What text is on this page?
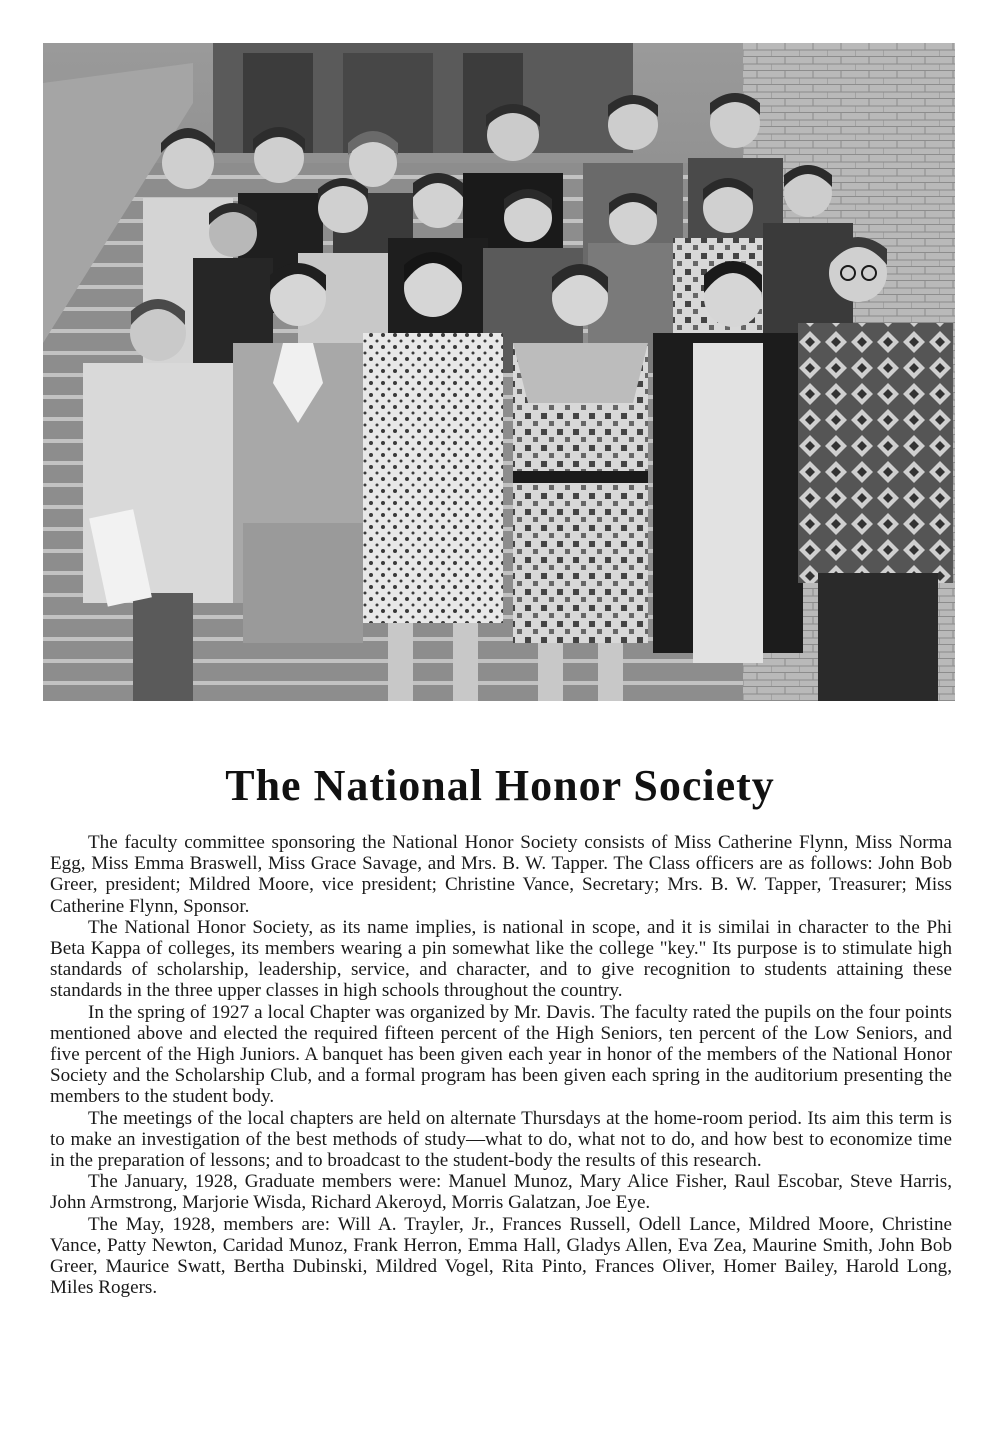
The National Honor Society

The faculty committee sponsoring the National Honor Society consists of Miss Catherine Flynn, Miss Norma Egg, Miss Emma Braswell, Miss Grace Savage, and Mrs. B. W. Tapper. The Class officers are as follows: John Bob Greer, president; Mildred Moore, vice president; Christine Vance, Secretary; Mrs. B. W. Tapper, Treasurer; Miss Catherine Flynn, Sponsor.

The National Honor Society, as its name implies, is national in scope, and it is similai in character to the Phi Beta Kappa of colleges, its members wearing a pin somewhat like the college "key." Its purpose is to stimulate high standards of scholarship, leadership, service, and character, and to give recognition to students attaining these standards in the three upper classes in high schools throughout the country.

In the spring of 1927 a local Chapter was organized by Mr. Davis. The faculty rated the pupils on the four points mentioned above and elected the required fifteen percent of the High Seniors, ten percent of the Low Seniors, and five percent of the High Juniors. A banquet has been given each year in honor of the members of the National Honor Society and the Scholarship Club, and a formal program has been given each spring in the auditorium presenting the members to the student body.

The meetings of the local chapters are held on alternate Thursdays at the home-room period. Its aim this term is to make an investigation of the best methods of study—what to do, what not to do, and how best to economize time in the preparation of lessons; and to broadcast to the student-body the results of this research.

The January, 1928, Graduate members were: Manuel Munoz, Mary Alice Fisher, Raul Escobar, Steve Harris, John Armstrong, Marjorie Wisda, Richard Akeroyd, Morris Galatzan, Joe Eye.

The May, 1928, members are: Will A. Trayler, Jr., Frances Russell, Odell Lance, Mildred Moore, Christine Vance, Patty Newton, Caridad Munoz, Frank Herron, Emma Hall, Gladys Allen, Eva Zea, Maurine Smith, John Bob Greer, Maurice Swatt, Bertha Dubinski, Mildred Vogel, Rita Pinto, Frances Oliver, Homer Bailey, Harold Long, Miles Rogers.
